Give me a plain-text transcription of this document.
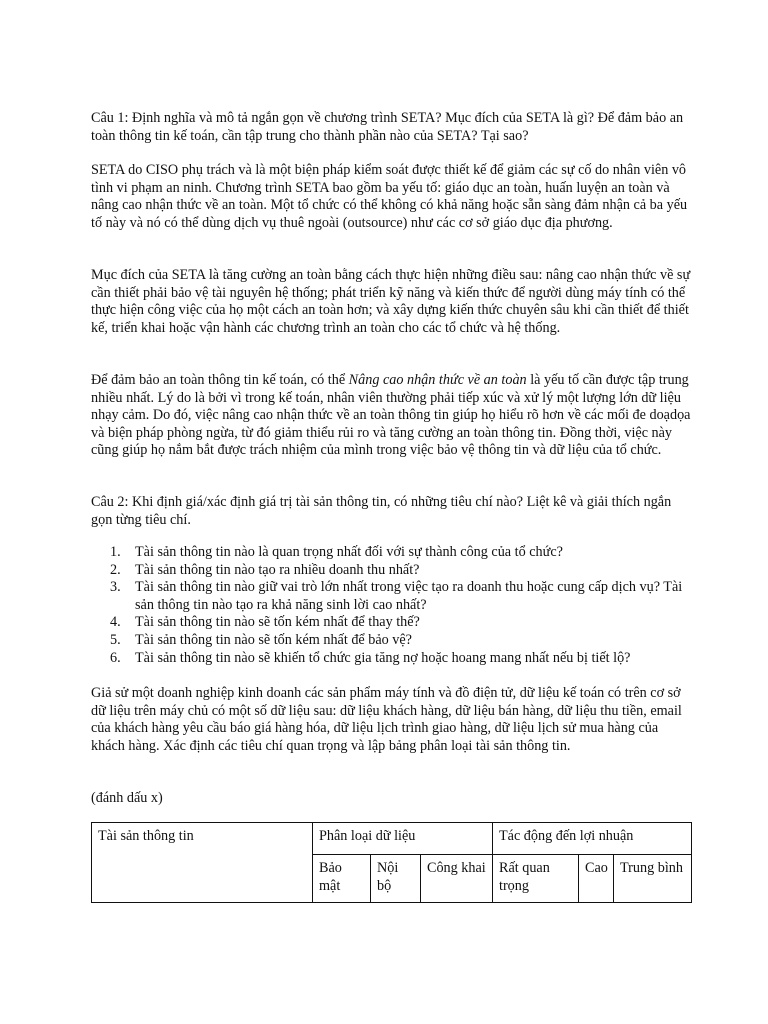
Câu 1: Định nghĩa và mô tả ngắn gọn về chương trình SETA? Mục đích của SETA là gì? Để đảm bảo an toàn thông tin kế toán, cần tập trung cho thành phần nào của SETA? Tại sao?

SETA do CISO phụ trách và là một biện pháp kiểm soát được thiết kế để giảm các sự cố do nhân viên vô tình vi phạm an ninh. Chương trình SETA bao gồm ba yếu tố: giáo dục an toàn, huấn luyện an toàn và nâng cao nhận thức về an toàn. Một tổ chức có thể không có khả năng hoặc sẵn sàng đảm nhận cả ba yếu tố này và nó có thể dùng dịch vụ thuê ngoài (outsource) như các cơ sở giáo dục địa phương.

Mục đích của SETA là tăng cường an toàn bằng cách thực hiện những điều sau: nâng cao nhận thức về sự cần thiết phải bảo vệ tài nguyên hệ thống; phát triển kỹ năng và kiến thức để người dùng máy tính có thể thực hiện công việc của họ một cách an toàn hơn; và xây dựng kiến thức chuyên sâu khi cần thiết để thiết kế, triển khai hoặc vận hành các chương trình an toàn cho các tổ chức và hệ thống.

Để đảm bảo an toàn thông tin kế toán, có thể Nâng cao nhận thức về an toàn là yếu tố cần được tập trung nhiều nhất. Lý do là bởi vì trong kế toán, nhân viên thường phải tiếp xúc và xử lý một lượng lớn dữ liệu nhạy cảm. Do đó, việc nâng cao nhận thức về an toàn thông tin giúp họ hiểu rõ hơn về các mối đe doạdọa và biện pháp phòng ngừa, từ đó giảm thiểu rủi ro và tăng cường an toàn thông tin. Đồng thời, việc này cũng giúp họ nắm bắt được trách nhiệm của mình trong việc bảo vệ thông tin và dữ liệu của tổ chức.

Câu 2: Khi định giá/xác định giá trị tài sản thông tin, có những tiêu chí nào? Liệt kê và giải thích ngắn gọn từng tiêu chí.

1. Tài sản thông tin nào là quan trọng nhất đối với sự thành công của tổ chức?
2. Tài sản thông tin nào tạo ra nhiều doanh thu nhất?
3. Tài sản thông tin nào giữ vai trò lớn nhất trong việc tạo ra doanh thu hoặc cung cấp dịch vụ? Tài sản thông tin nào tạo ra khả năng sinh lời cao nhất?
4. Tài sản thông tin nào sẽ tốn kém nhất để thay thế?
5. Tài sản thông tin nào sẽ tốn kém nhất để bảo vệ?
6. Tài sản thông tin nào sẽ khiến tổ chức gia tăng nợ hoặc hoang mang nhất nếu bị tiết lộ?

Giả sử một doanh nghiệp kinh doanh các sản phẩm máy tính và đồ điện tử, dữ liệu kế toán có trên cơ sở dữ liệu trên máy chủ có một số dữ liệu sau: dữ liệu khách hàng, dữ liệu bán hàng, dữ liệu thu tiền, email của khách hàng yêu cầu báo giá hàng hóa, dữ liệu lịch trình giao hàng, dữ liệu lịch sử mua hàng của khách hàng. Xác định các tiêu chí quan trọng và lập bảng phân loại tài sản thông tin.

(đánh dấu x)

Tài sản thông tin	Phân loại dữ liệu			Tác động đến lợi nhuận		
	Bảo mật	Nội bộ	Công khai	Rất quan trọng	Cao	Trung bình
